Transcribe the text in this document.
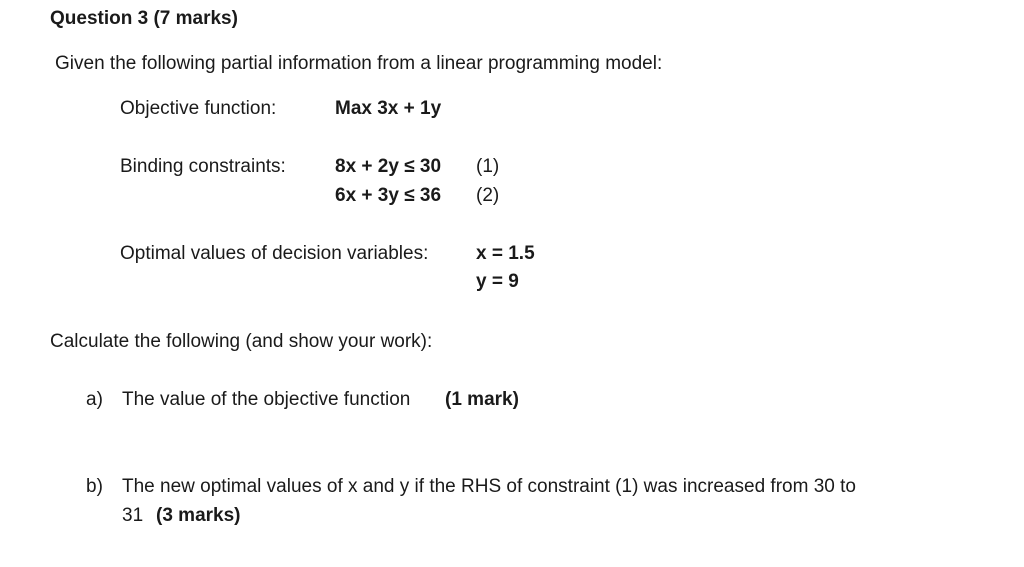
Question 3 (7 marks)
Given the following partial information from a linear programming model:
Objective function:	Max 3x + 1y
Binding constraints:	8x + 2y ≤ 30 (1)
6x + 3y ≤ 36 (2)
Optimal values of decision variables:	x = 1.5
y = 9
Calculate the following (and show your work):
a) The value of the objective function (1 mark)
b) The new optimal values of x and y if the RHS of constraint (1) was increased from 30 to
31 (3 marks)
